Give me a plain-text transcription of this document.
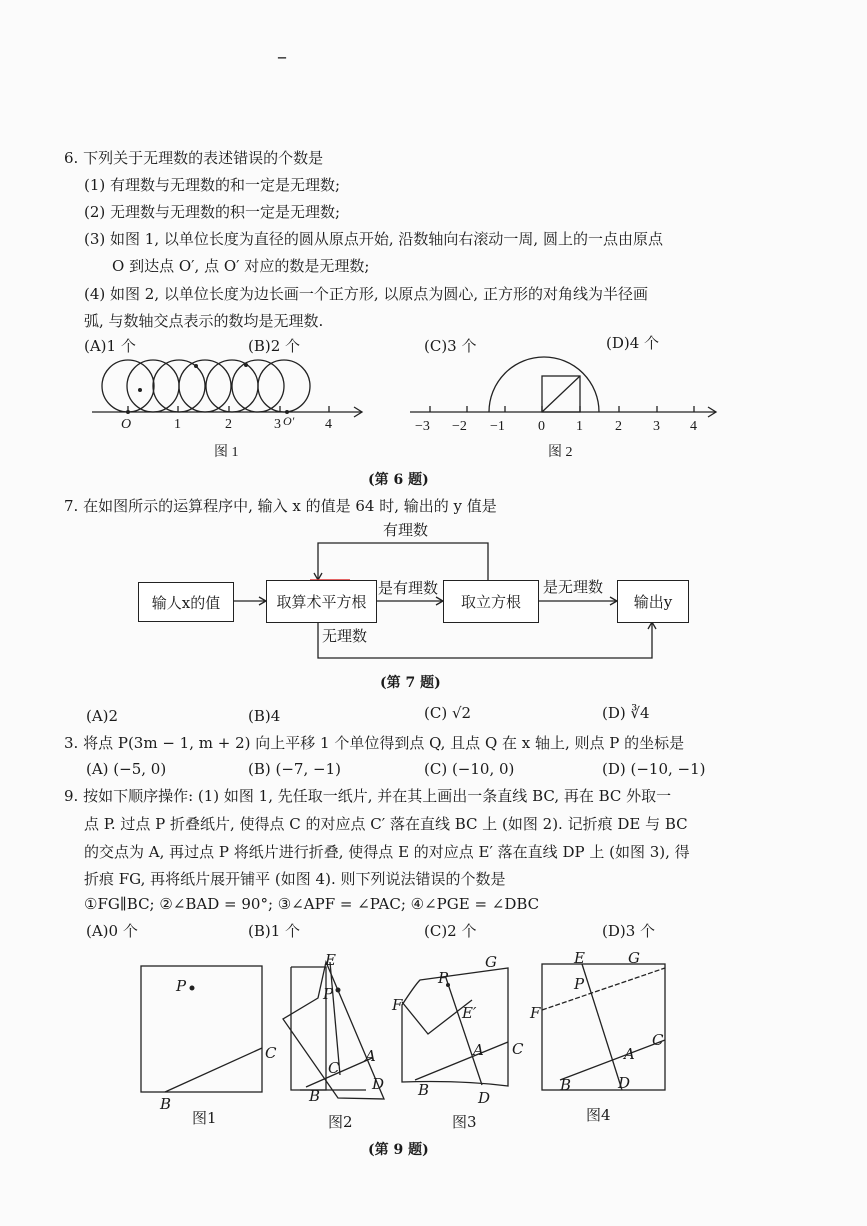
–
6. 下列关于无理数的表述错误的个数是
(1) 有理数与无理数的和一定是无理数;
(2) 无理数与无理数的积一定是无理数;
(3) 如图 1, 以单位长度为直径的圆从原点开始, 沿数轴向右滚动一周, 圆上的一点由原点
O 到达点 O′, 点 O′ 对应的数是无理数;
(4) 如图 2, 以单位长度为边长画一个正方形, 以原点为圆心, 正方形的对角线为半径画
弧, 与数轴交点表示的数均是无理数.
(A)1 个	(B)2 个	(C)3 个	(D)4 个
O	1	2	3 O′ 4
图 1
−3 −2 −1 0 1 2 3 4
图 2
(第 6 题)
7. 在如图所示的运算程序中, 输入 x 的值是 64 时, 输出的 y 值是
输人x的值	取算术平方根	取立方根	输出y
有理数
是有理数	是无理数
无理数
(第 7 题)
(A)2	(B)4	(C) √2	(D) ∛4
3. 将点 P(3m − 1, m + 2) 向上平移 1 个单位得到点 Q, 且点 Q 在 x 轴上, 则点 P 的坐标是
(A) (−5, 0)	(B) (−7, −1)	(C) (−10, 0)	(D) (−10, −1)
9. 按如下顺序操作: (1) 如图 1, 先任取一纸片, 并在其上画出一条直线 BC, 再在 BC 外取一
点 P. 过点 P 折叠纸片, 使得点 C 的对应点 C′ 落在直线 BC 上 (如图 2). 记折痕 DE 与 BC
的交点为 A, 再过点 P 将纸片进行折叠, 使得点 E 的对应点 E′ 落在直线 DP 上 (如图 3), 得
折痕 FG, 再将纸片展开铺平 (如图 4). 则下列说法错误的个数是
①FG∥BC; ②∠BAD = 90°; ③∠APF = ∠PAC; ④∠PGE = ∠DBC
(A)0 个	(B)1 个	(C)2 个	(D)3 个
P
C
B
E
P
C
A
B
D
P
G
F	E′
A C
B	D
E	G
P
F
C
A
B	D
图1	图2	图3	图4
(第 9 题)
